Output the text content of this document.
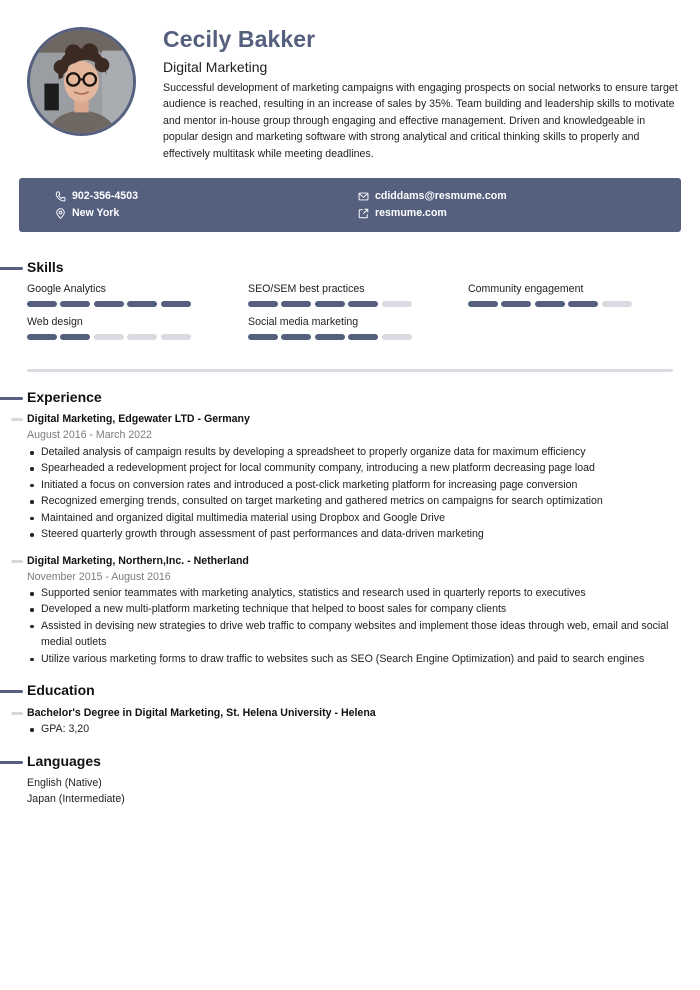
Cecily Bakker
Digital Marketing
Successful development of marketing campaigns with engaging prospects on social networks to ensure target audience is reached, resulting in an increase of sales by 35%. Team building and leadership skills to motivate and mentor in-house group through engaging and effective management. Driven and knowledgeable in popular design and marketing software with strong analytical and critical thinking skills to properly and effectively multitask while meeting deadlines.
902-356-4503
New York
cdiddams@resmume.com
resmume.com
Skills
Google Analytics	SEO/SEM best practices	Community engagement
Web design	Social media marketing
Experience
Digital Marketing, Edgewater LTD - Germany
August 2016 - March 2022
Detailed analysis of campaign results by developing a spreadsheet to properly organize data for maximum efficiency
Spearheaded a redevelopment project for local community company, introducing a new platform decreasing page load
Initiated a focus on conversion rates and introduced a post-click marketing platform for increasing page conversion
Recognized emerging trends, consulted on target marketing and gathered metrics on campaigns for search optimization
Maintained and organized digital multimedia material using Dropbox and Google Drive
Steered quarterly growth through assessment of past performances and data-driven marketing
Digital Marketing, Northern,Inc. - Netherland
November 2015 - August 2016
Supported senior teammates with marketing analytics, statistics and research used in quarterly reports to executives
Developed a new multi-platform marketing technique that helped to boost sales for company clients
Assisted in devising new strategies to drive web traffic to company websites and implement those ideas through web, email and social medial outlets
Utilize various marketing forms to draw traffic to websites such as SEO (Search Engine Optimization) and paid to search engines
Education
Bachelor's Degree in Digital Marketing, St. Helena University - Helena
GPA: 3,20
Languages
English (Native)
Japan (Intermediate)
